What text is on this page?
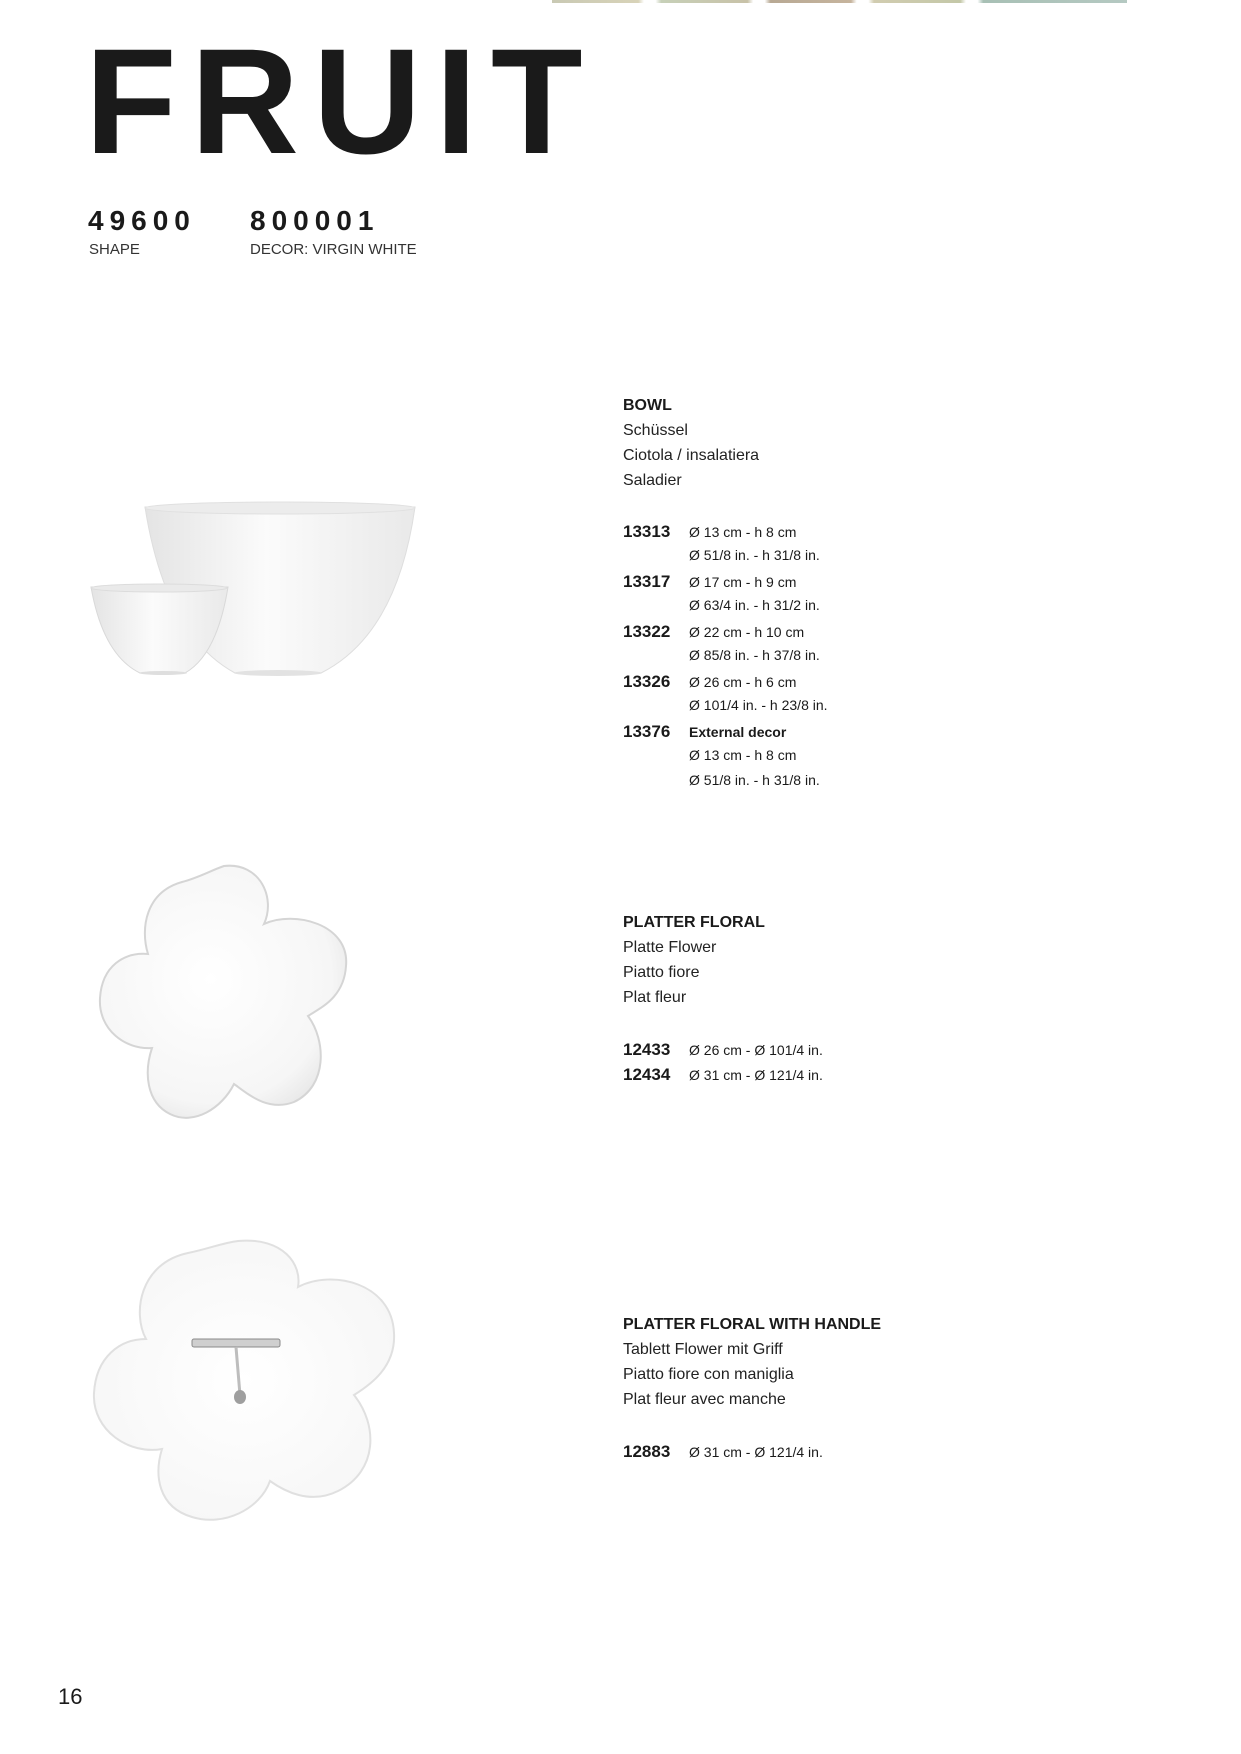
FRUIT
49600
SHAPE
800001
DECOR: VIRGIN WHITE
BOWL
Schüssel
Ciotola / insalatiera
Saladier
13313 Ø 13 cm - h 8 cm
Ø 51/8 in. - h 31/8 in.
13317 Ø 17 cm - h 9 cm
Ø 63/4 in. - h 31/2 in.
13322 Ø 22 cm - h 10 cm
Ø 85/8 in. - h 37/8 in.
13326 Ø 26 cm - h 6 cm
Ø 101/4 in. - h 23/8 in.
13376 External decor
Ø 13 cm - h 8 cm
Ø 51/8 in. - h 31/8 in.
PLATTER FLORAL
Platte Flower
Piatto fiore
Plat fleur
12433 Ø 26 cm - Ø 101/4 in.
12434 Ø 31 cm - Ø 121/4 in.
PLATTER FLORAL WITH HANDLE
Tablett Flower mit Griff
Piatto fiore con maniglia
Plat fleur avec manche
12883 Ø 31 cm - Ø 121/4 in.
16
